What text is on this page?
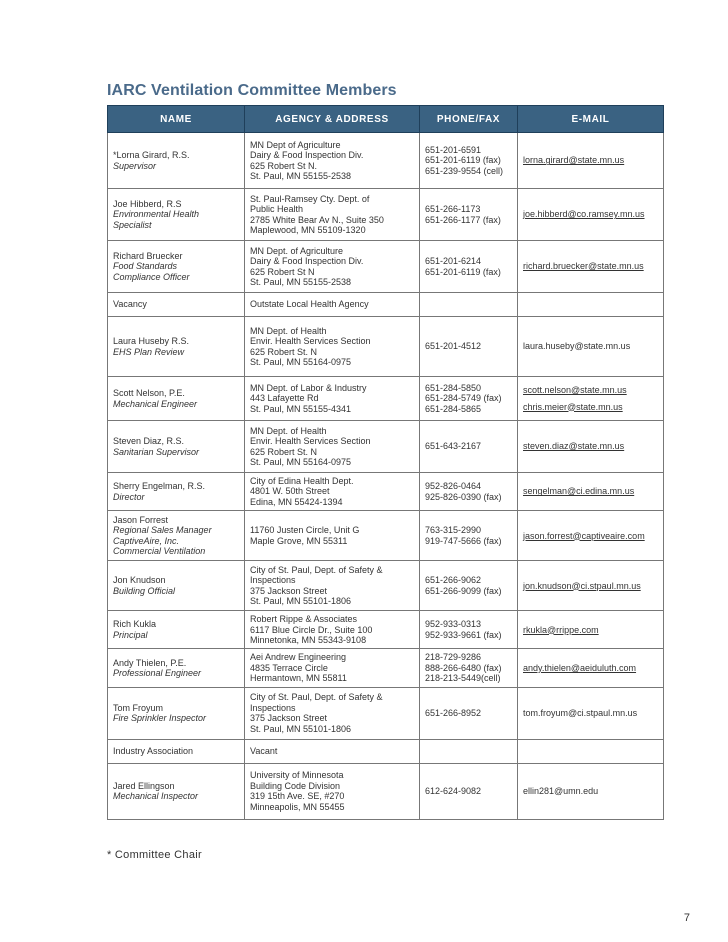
IARC Ventilation Committee Members
NAME	AGENCY & ADDRESS	PHONE/FAX	E-MAIL

*Lorna Girard, R.S.
Supervisor	MN Dept of Agriculture
Dairy & Food Inspection Div.
625 Robert St N.
St. Paul, MN 55155-2538	651-201-6591
651-201-6119 (fax)
651-239-9554 (cell)	lorna.girard@state.mn.us

Joe Hibberd, R.S
Environmental Health
Specialist	St. Paul-Ramsey Cty. Dept. of
Public Health
2785 White Bear Av N., Suite 350
Maplewood, MN 55109-1320	651-266-1173
651-266-1177 (fax)	joe.hibberd@co.ramsey.mn.us

Richard Bruecker
Food Standards
Compliance Officer	MN Dept. of Agriculture
Dairy & Food Inspection Div.
625 Robert St N
St. Paul, MN 55155-2538	651-201-6214
651-201-6119 (fax)	richard.bruecker@state.mn.us

Vacancy	Outstate Local Health Agency		

Laura Huseby R.S.
EHS Plan Review	MN Dept. of Health
Envir. Health Services Section
625 Robert St. N
St. Paul, MN 55164-0975	651-201-4512	laura.huseby@state.mn.us

Scott Nelson, P.E.
Mechanical Engineer	MN Dept. of Labor & Industry
443 Lafayette Rd
St. Paul, MN 55155-4341	651-284-5850
651-284-5749 (fax)
651-284-5865	scott.nelson@state.mn.us
chris.meier@state.mn.us

Steven Diaz, R.S.
Sanitarian Supervisor	MN Dept. of Health
Envir. Health Services Section
625 Robert St. N
St. Paul, MN 55164-0975	651-643-2167	steven.diaz@state.mn.us

Sherry Engelman, R.S.
Director	City of Edina Health Dept.
4801 W. 50th Street
Edina, MN 55424-1394	952-826-0464
925-826-0390 (fax)	sengelman@ci.edina.mn.us

Jason Forrest
Regional Sales Manager
CaptiveAire, Inc.
Commercial Ventilation	11760 Justen Circle, Unit G
Maple Grove, MN 55311	763-315-2990
919-747-5666 (fax)	jason.forrest@captiveaire.com

Jon Knudson
Building Official	City of St. Paul, Dept. of Safety &
Inspections
375 Jackson Street
St. Paul, MN 55101-1806	651-266-9062
651-266-9099 (fax)	jon.knudson@ci.stpaul.mn.us

Rich Kukla
Principal	Robert Rippe & Associates
6117 Blue Circle Dr., Suite 100
Minnetonka, MN 55343-9108	952-933-0313
952-933-9661 (fax)	rkukla@rrippe.com

Andy Thielen, P.E.
Professional Engineer	Aei Andrew Engineering
4835 Terrace Circle
Hermantown, MN 55811	218-729-9286
888-266-6480 (fax)
218-213-5449(cell)	andy.thielen@aeiduluth.com

Tom Froyum
Fire Sprinkler Inspector	City of St. Paul, Dept. of Safety &
Inspections
375 Jackson Street
St. Paul, MN 55101-1806	651-266-8952	tom.froyum@ci.stpaul.mn.us

Industry Association	Vacant		

Jared Ellingson
Mechanical Inspector	University of Minnesota
Building Code Division
319 15th Ave. SE, #270
Minneapolis, MN 55455	612-624-9082	ellin281@umn.edu

* Committee Chair

7
